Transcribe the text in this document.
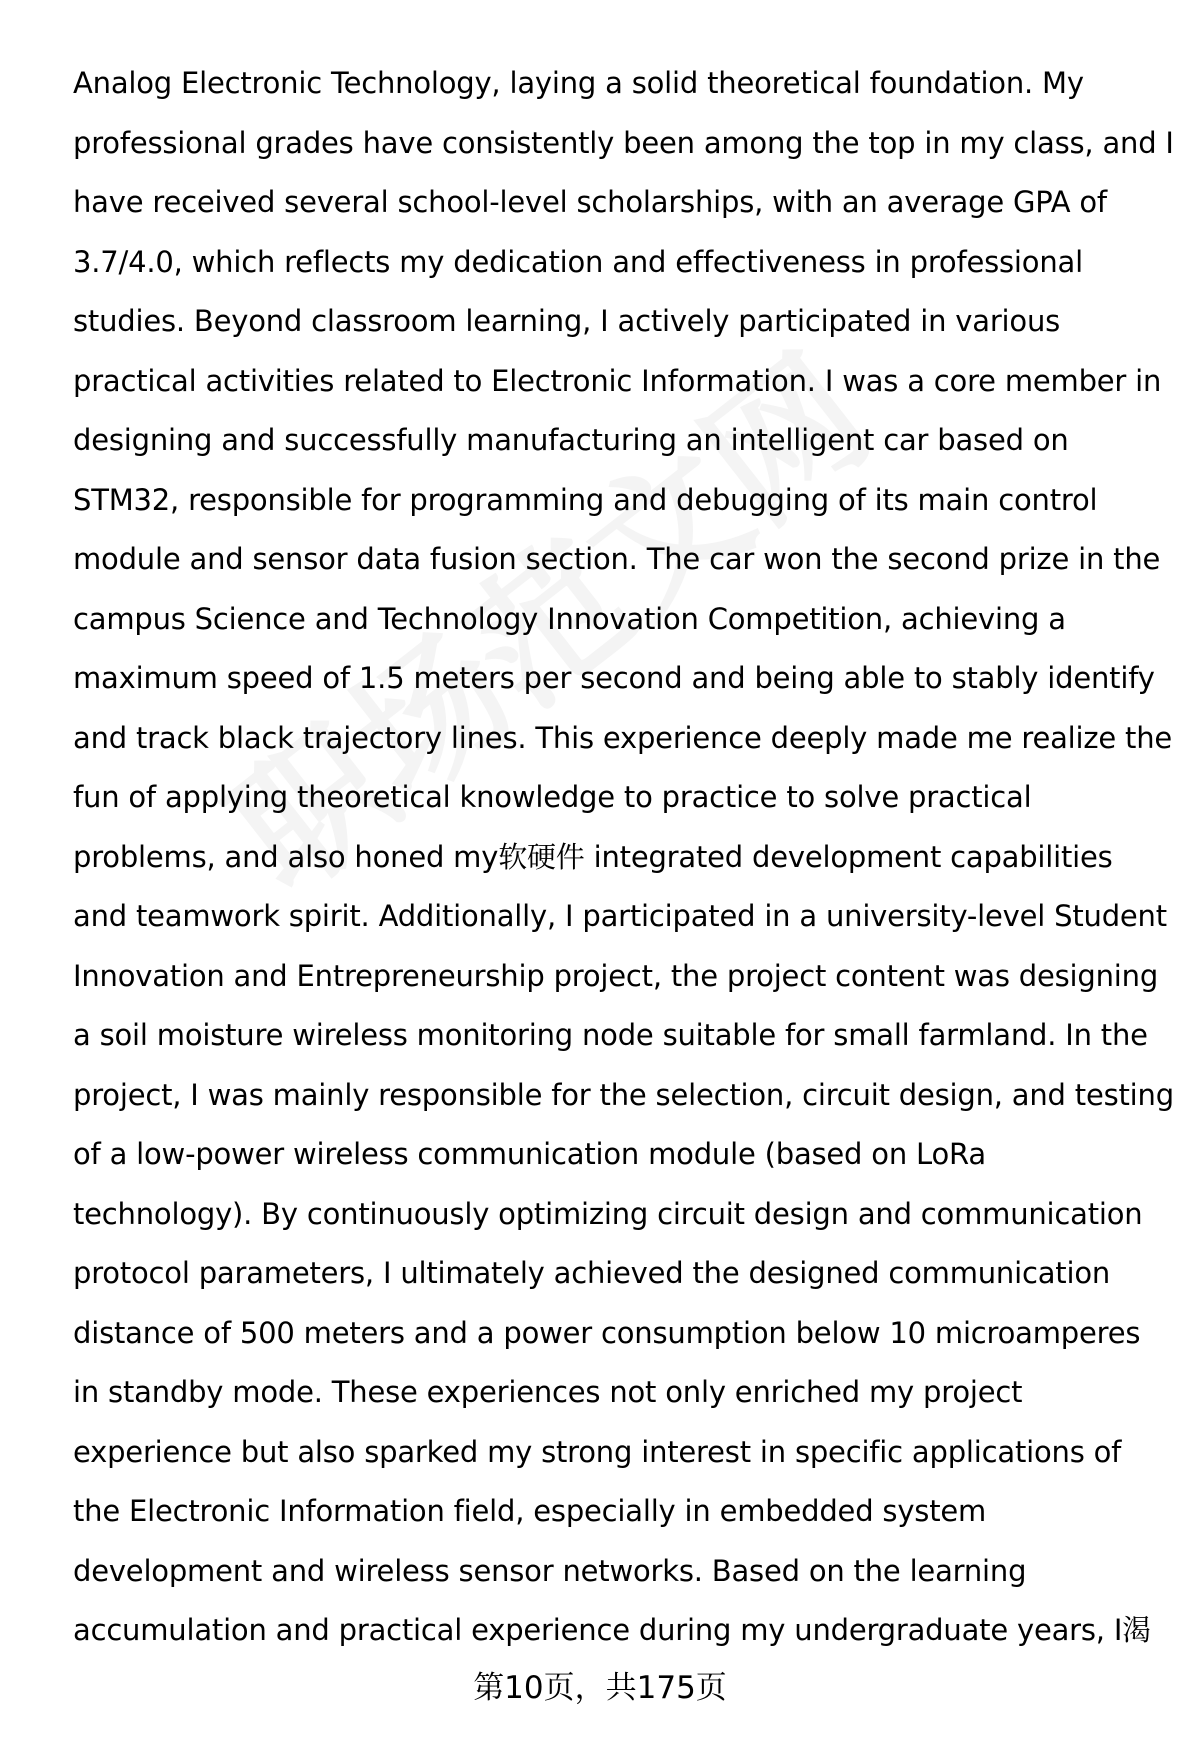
Analog Electronic Technology, laying a solid theoretical foundation. My
professional grades have consistently been among the top in my class, and I
have received several school-level scholarships, with an average GPA of
3.7/4.0, which reflects my dedication and effectiveness in professional
studies. Beyond classroom learning, I actively participated in various
practical activities related to Electronic Information. I was a core member in
designing and successfully manufacturing an intelligent car based on
STM32, responsible for programming and debugging of its main control
module and sensor data fusion section. The car won the second prize in the
campus Science and Technology Innovation Competition, achieving a
maximum speed of 1.5 meters per second and being able to stably identify
and track black trajectory lines. This experience deeply made me realize the
fun of applying theoretical knowledge to practice to solve practical
problems, and also honed my软硬件 integrated development capabilities
and teamwork spirit. Additionally, I participated in a university-level Student
Innovation and Entrepreneurship project, the project content was designing
a soil moisture wireless monitoring node suitable for small farmland. In the
project, I was mainly responsible for the selection, circuit design, and testing
of a low-power wireless communication module (based on LoRa
technology). By continuously optimizing circuit design and communication
protocol parameters, I ultimately achieved the designed communication
distance of 500 meters and a power consumption below 10 microamperes
in standby mode. These experiences not only enriched my project
experience but also sparked my strong interest in specific applications of
the Electronic Information field, especially in embedded system
development and wireless sensor networks. Based on the learning
accumulation and practical experience during my undergraduate years, I渴
第10页，共175页
